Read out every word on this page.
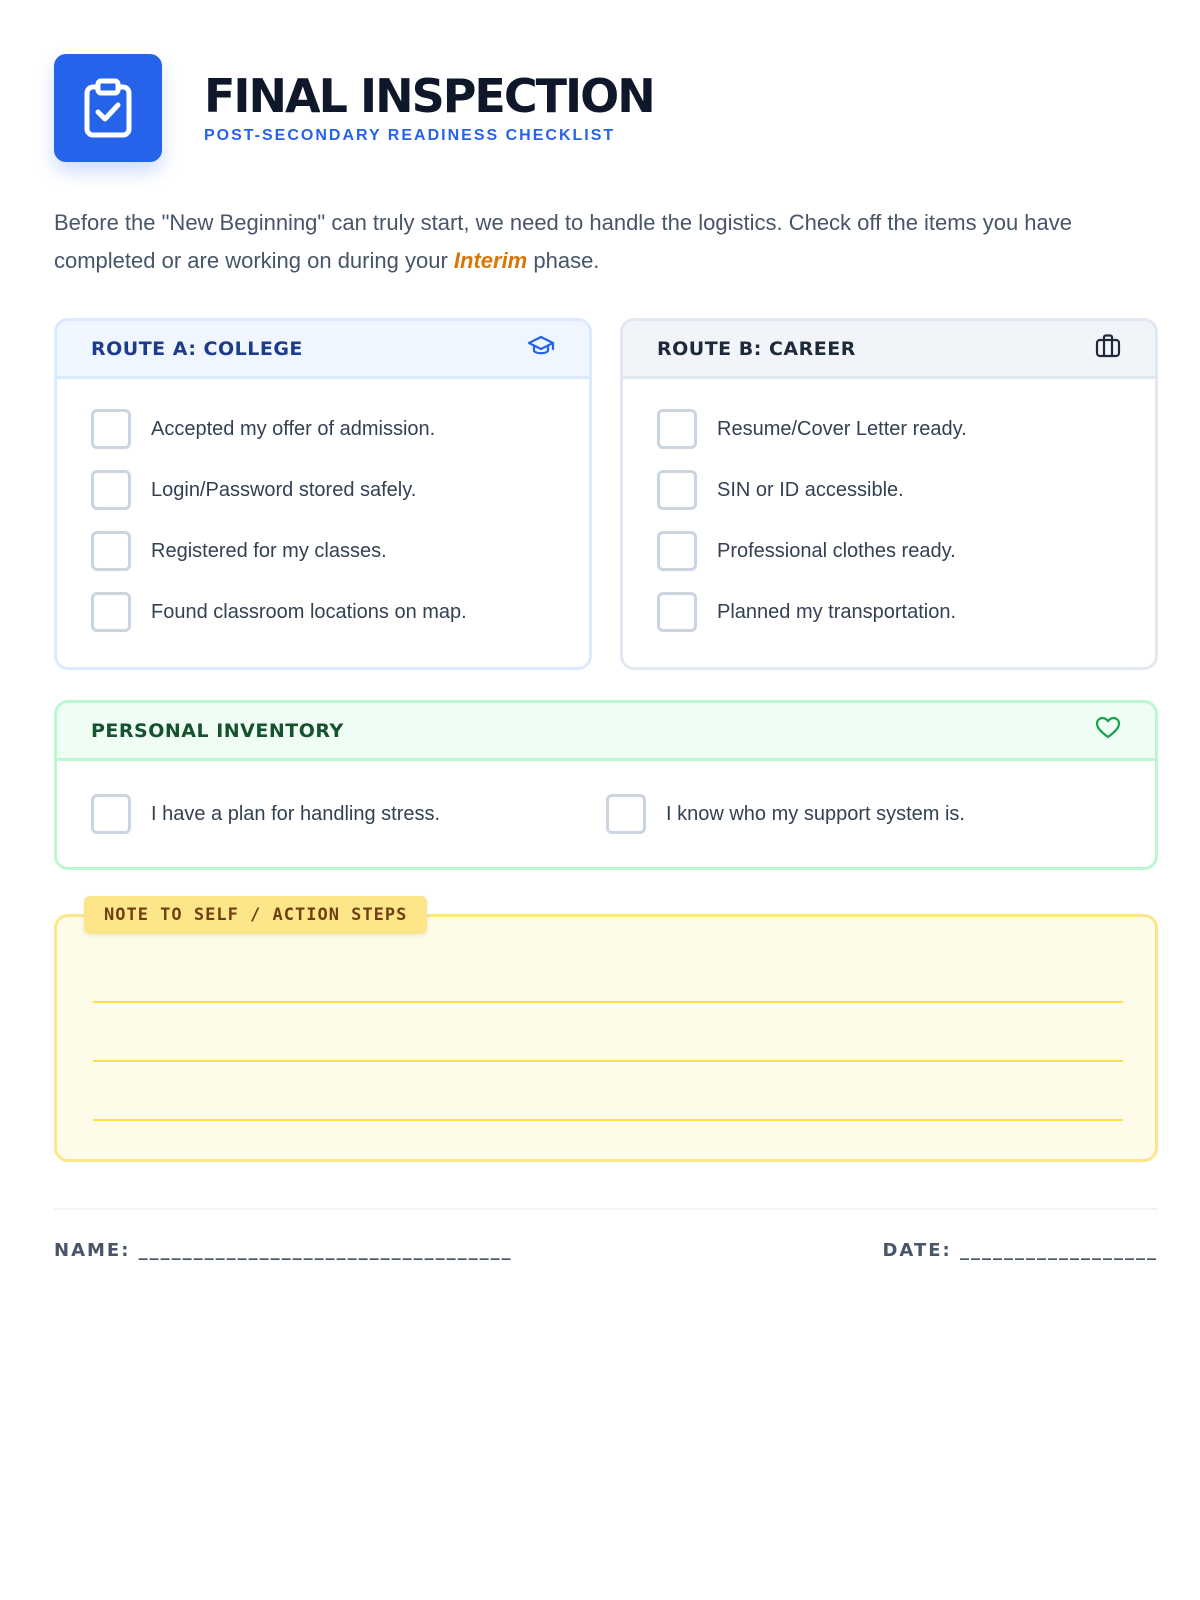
FINAL INSPECTION
POST-SECONDARY READINESS CHECKLIST

Before the "New Beginning" can truly start, we need to handle the logistics. Check off the items you have completed or are working on during your Interim phase.

ROUTE A: COLLEGE
Accepted my offer of admission.
Login/Password stored safely.
Registered for my classes.
Found classroom locations on map.
ROUTE B: CAREER
Resume/Cover Letter ready.
SIN or ID accessible.
Professional clothes ready.
Planned my transportation.
PERSONAL INVENTORY
I have a plan for handling stress.	I know who my support system is.
NOTE TO SELF / ACTION STEPS
NAME: __________________________________	DATE: __________________
